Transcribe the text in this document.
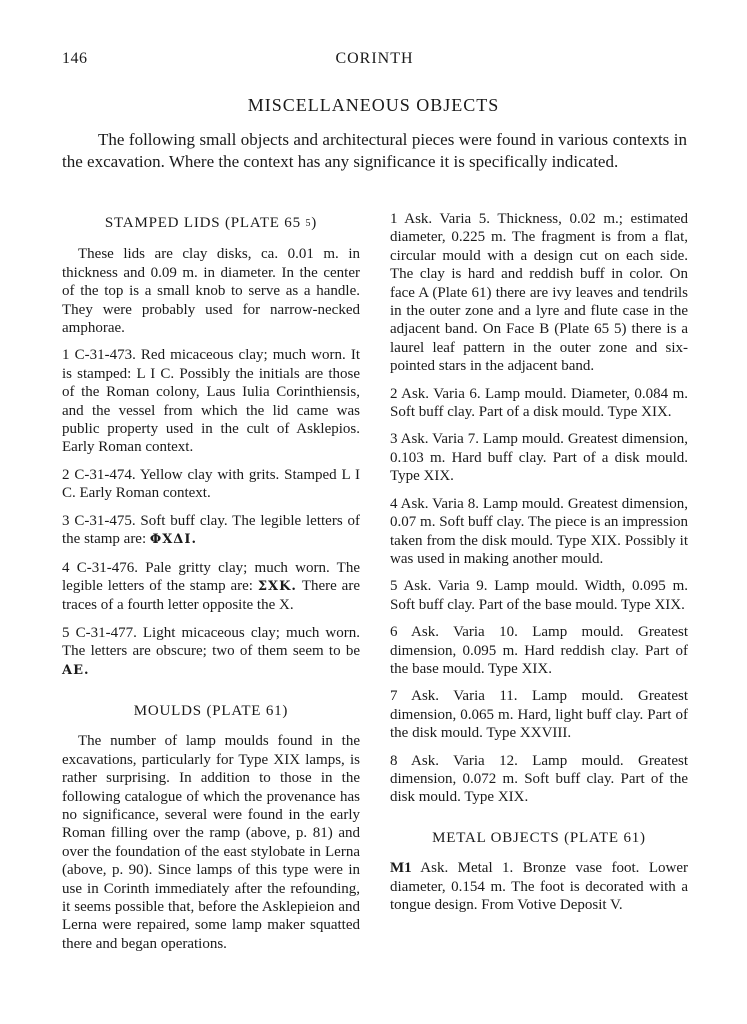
146	CORINTH
MISCELLANEOUS OBJECTS

The following small objects and architectural pieces were found in various contexts in the excavation. Where the context has any significance it is specifically indicated.

STAMPED LIDS (PLATE 65 5)

These lids are clay disks, ca. 0.01 m. in thickness and 0.09 m. in diameter. In the center of the top is a small knob to serve as a handle. They were probably used for narrow-necked amphorae.

1 C-31-473. Red micaceous clay; much worn. It is stamped: L I C. Possibly the initials are those of the Roman colony, Laus Iulia Corinthiensis, and the vessel from which the lid came was public property used in the cult of Asklepios. Early Roman context.

2 C-31-474. Yellow clay with grits. Stamped L I C. Early Roman context.

3 C-31-475. Soft buff clay. The legible letters of the stamp are: ΦΧΔΙ.

4 C-31-476. Pale gritty clay; much worn. The legible letters of the stamp are: ΣΧΚ. There are traces of a fourth letter opposite the Χ.

5 C-31-477. Light micaceous clay; much worn. The letters are obscure; two of them seem to be ΑΕ.

MOULDS (PLATE 61)

The number of lamp moulds found in the excavations, particularly for Type XIX lamps, is rather surprising. In addition to those in the following catalogue of which the provenance has no significance, several were found in the early Roman filling over the ramp (above, p. 81) and over the foundation of the east stylobate in Lerna (above, p. 90). Since lamps of this type were in use in Corinth immediately after the refounding, it seems possible that, before the Asklepieion and Lerna were repaired, some lamp maker squatted there and began operations.

1 Ask. Varia 5. Thickness, 0.02 m.; estimated diameter, 0.225 m. The fragment is from a flat, circular mould with a design cut on each side. The clay is hard and reddish buff in color. On face A (Plate 61) there are ivy leaves and tendrils in the outer zone and a lyre and flute case in the adjacent band. On Face B (Plate 65 5) there is a laurel leaf pattern in the outer zone and six-pointed stars in the adjacent band.

2 Ask. Varia 6. Lamp mould. Diameter, 0.084 m. Soft buff clay. Part of a disk mould. Type XIX.

3 Ask. Varia 7. Lamp mould. Greatest dimension, 0.103 m. Hard buff clay. Part of a disk mould. Type XIX.

4 Ask. Varia 8. Lamp mould. Greatest dimension, 0.07 m. Soft buff clay. The piece is an impression taken from the disk mould. Type XIX. Possibly it was used in making another mould.

5 Ask. Varia 9. Lamp mould. Width, 0.095 m. Soft buff clay. Part of the base mould. Type XIX.

6 Ask. Varia 10. Lamp mould. Greatest dimension, 0.095 m. Hard reddish clay. Part of the base mould. Type XIX.

7 Ask. Varia 11. Lamp mould. Greatest dimension, 0.065 m. Hard, light buff clay. Part of the disk mould. Type XXVIII.

8 Ask. Varia 12. Lamp mould. Greatest dimension, 0.072 m. Soft buff clay. Part of the disk mould. Type XIX.

METAL OBJECTS (PLATE 61)

M1 Ask. Metal 1. Bronze vase foot. Lower diameter, 0.154 m. The foot is decorated with a tongue design. From Votive Deposit V.
